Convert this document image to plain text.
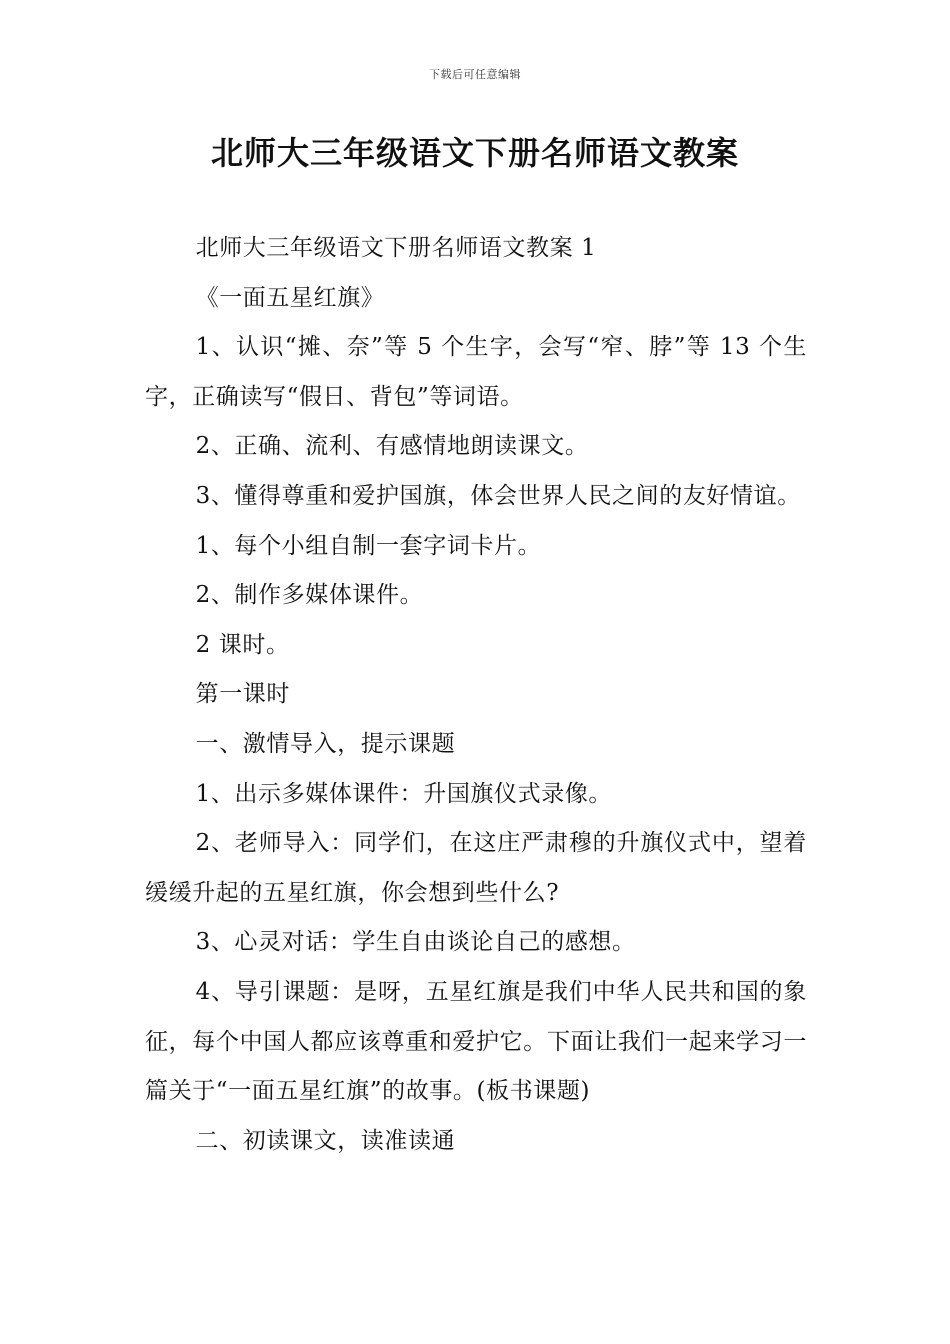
下载后可任意编辑
北师大三年级语文下册名师语文教案

北师大三年级语文下册名师语文教案 1

《一面五星红旗》

1、认识“摊、奈”等 5 个生字，会写“窄、脖”等 13 个生字，正确读写“假日、背包”等词语。

2、正确、流利、有感情地朗读课文。

3、懂得尊重和爱护国旗，体会世界人民之间的友好情谊。

1、每个小组自制一套字词卡片。

2、制作多媒体课件。

2 课时。

第一课时

一、激情导入，提示课题

1、出示多媒体课件：升国旗仪式录像。

2、老师导入：同学们，在这庄严肃穆的升旗仪式中，望着缓缓升起的五星红旗，你会想到些什么?

3、心灵对话：学生自由谈论自己的感想。

4、导引课题：是呀，五星红旗是我们中华人民共和国的象征，每个中国人都应该尊重和爱护它。下面让我们一起来学习一篇关于“一面五星红旗”的故事。(板书课题)

二、初读课文，读准读通
